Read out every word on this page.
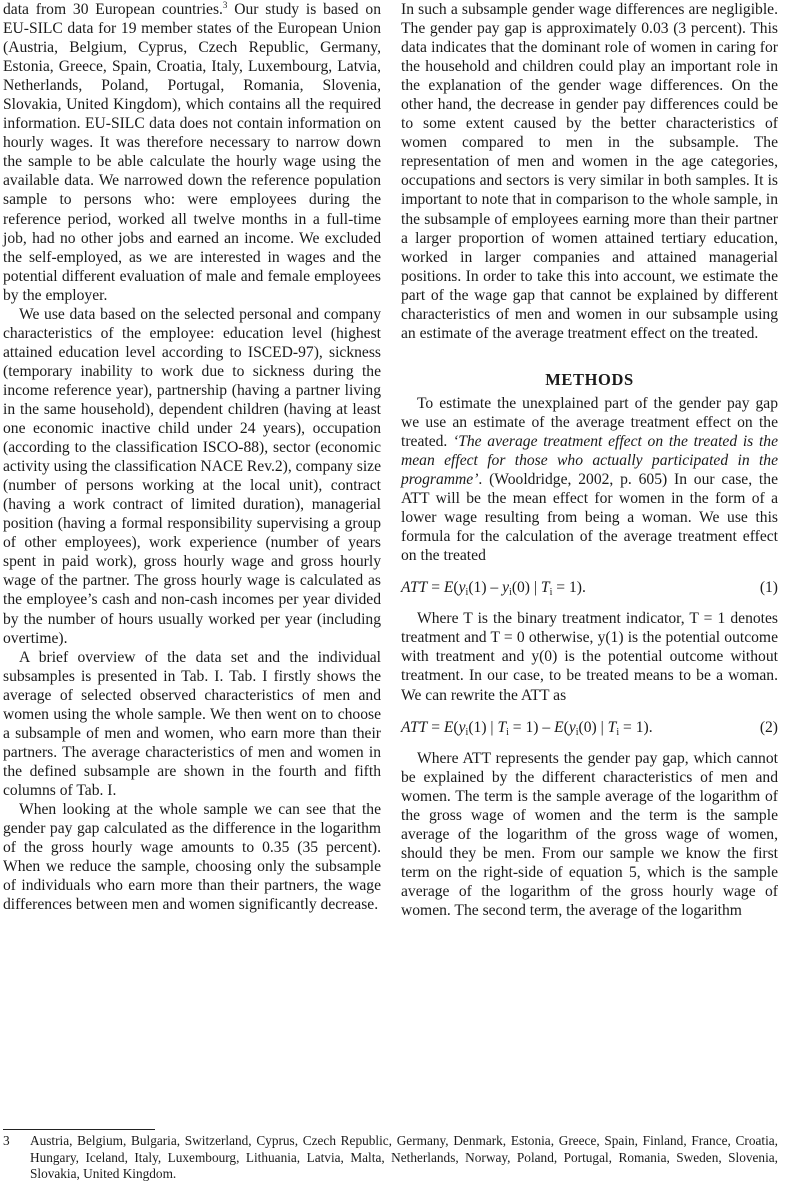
data from 30 European countries.$^3$ Our study is based on EU-SILC data for 19 member states of the European Union (Austria, Belgium, Cyprus, Czech Republic, Germany, Estonia, Greece, Spain, Croatia, Italy, Luxembourg, Latvia, Netherlands, Poland, Portugal, Romania, Slovenia, Slovakia, United Kingdom), which contains all the required information. EU-SILC data does not contain information on hourly wages. It was therefore necessary to narrow down the sample to be able calculate the hourly wage using the available data. We narrowed down the reference population sample to persons who: were employees during the reference period, worked all twelve months in a full-time job, had no other jobs and earned an income. We excluded the self-employed, as we are interested in wages and the potential different evaluation of male and female employees by the employer.

We use data based on the selected personal and company characteristics of the employee: education level (highest attained education level according to ISCED-97), sickness (temporary inability to work due to sickness during the income reference year), partnership (having a partner living in the same household), dependent children (having at least one economic inactive child under 24 years), occupation (according to the classification ISCO-88), sector (economic activity using the classification NACE Rev.2), company size (number of persons working at the local unit), contract (having a work contract of limited duration), managerial position (having a formal responsibility supervising a group of other employees), work experience (number of years spent in paid work), gross hourly wage and gross hourly wage of the partner. The gross hourly wage is calculated as the employee’s cash and non-cash incomes per year divided by the number of hours usually worked per year (including overtime).

A brief overview of the data set and the individual subsamples is presented in Tab. I. Tab. I firstly shows the average of selected observed characteristics of men and women using the whole sample. We then went on to choose a subsample of men and women, who earn more than their partners. The average characteristics of men and women in the defined subsample are shown in the fourth and fifth columns of Tab. I.

When looking at the whole sample we can see that the gender pay gap calculated as the difference in the logarithm of the gross hourly wage amounts to 0.35 (35 percent). When we reduce the sample, choosing only the subsample of individuals who earn more than their partners, the wage differences between men and women significantly decrease.

In such a subsample gender wage differences are negligible. The gender pay gap is approximately 0.03 (3 percent). This data indicates that the dominant role of women in caring for the household and children could play an important role in the explanation of the gender wage differences. On the other hand, the decrease in gender pay differences could be to some extent caused by the better characteristics of women compared to men in the subsample. The representation of men and women in the age categories, occupations and sectors is very similar in both samples. It is important to note that in comparison to the whole sample, in the subsample of employees earning more than their partner a larger proportion of women attained tertiary education, worked in larger companies and attained managerial positions. In order to take this into account, we estimate the part of the wage gap that cannot be explained by different characteristics of men and women in our subsample using an estimate of the average treatment effect on the treated.

METHODS

To estimate the unexplained part of the gender pay gap we use an estimate of the average treatment effect on the treated. ‘The average treatment effect on the treated is the mean effect for those who actually participated in the programme’. (Wooldridge, 2002, p. 605) In our case, the ATT will be the mean effect for women in the form of a lower wage resulting from being a woman. We use this formula for the calculation of the average treatment effect on the treated

ATT = $E(y_i(1) - y_i(0)$ | $T_i = 1$).	(1)

Where T is the binary treatment indicator, T = 1 denotes treatment and T = 0 otherwise, y(1) is the potential outcome with treatment and y(0) is the potential outcome without treatment. In our case, to be treated means to be a woman. We can rewrite the ATT as

ATT = $E(y_i(1)$ | $T_i = 1) - E(y_i(0)$ | $T_i = 1$).	(2)

Where ATT represents the gender pay gap, which cannot be explained by the different characteristics of men and women. The term is the sample average of the logarithm of the gross wage of women and the term is the sample average of the logarithm of the gross wage of women, should they be men. From our sample we know the first term on the right-side of equation 5, which is the sample average of the logarithm of the gross hourly wage of women. The second term, the average of the logarithm

3 Austria, Belgium, Bulgaria, Switzerland, Cyprus, Czech Republic, Germany, Denmark, Estonia, Greece, Spain, Finland, France, Croatia, Hungary, Iceland, Italy, Luxembourg, Lithuania, Latvia, Malta, Netherlands, Norway, Poland, Portugal, Romania, Sweden, Slovenia, Slovakia, United Kingdom.
